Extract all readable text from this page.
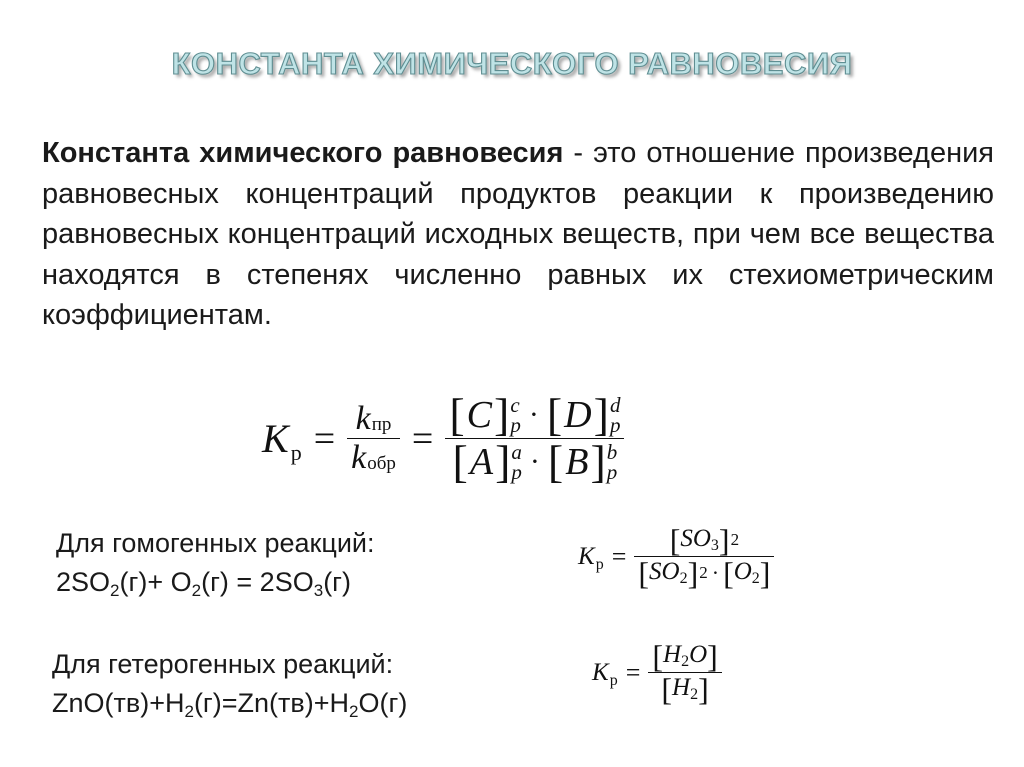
КОНСТАНТА ХИМИЧЕСКОГО РАВНОВЕСИЯ
Константа химического равновесия - это отношение произведения равновесных концентраций продуктов реакции к произведению равновесных концентраций исходных веществ, при чем все вещества находятся в степенях численно равных их стехиометрическим коэффициентам.
$K_р = \frac{\text{k пр}}{\text{k обр}}$ = [ C ] c
p · [ D ] d
p
[ A ] a
p · [ B ] b
p
Для гомогенных реакций:
$2SO_2(г)+ O_2(г) = 2SO_3(г)$
$K_р = \frac{[ SO_3 ] 2}{[ SO_2 ] 2 \cdot [ O_2 ]}$
Для гетерогенных реакций:
$ZnO(тв)+H_2(г)=Zn(тв)+H_2O(г)$
$K_р = \frac{[ H_2O ]}{[ H_2 ]}$
